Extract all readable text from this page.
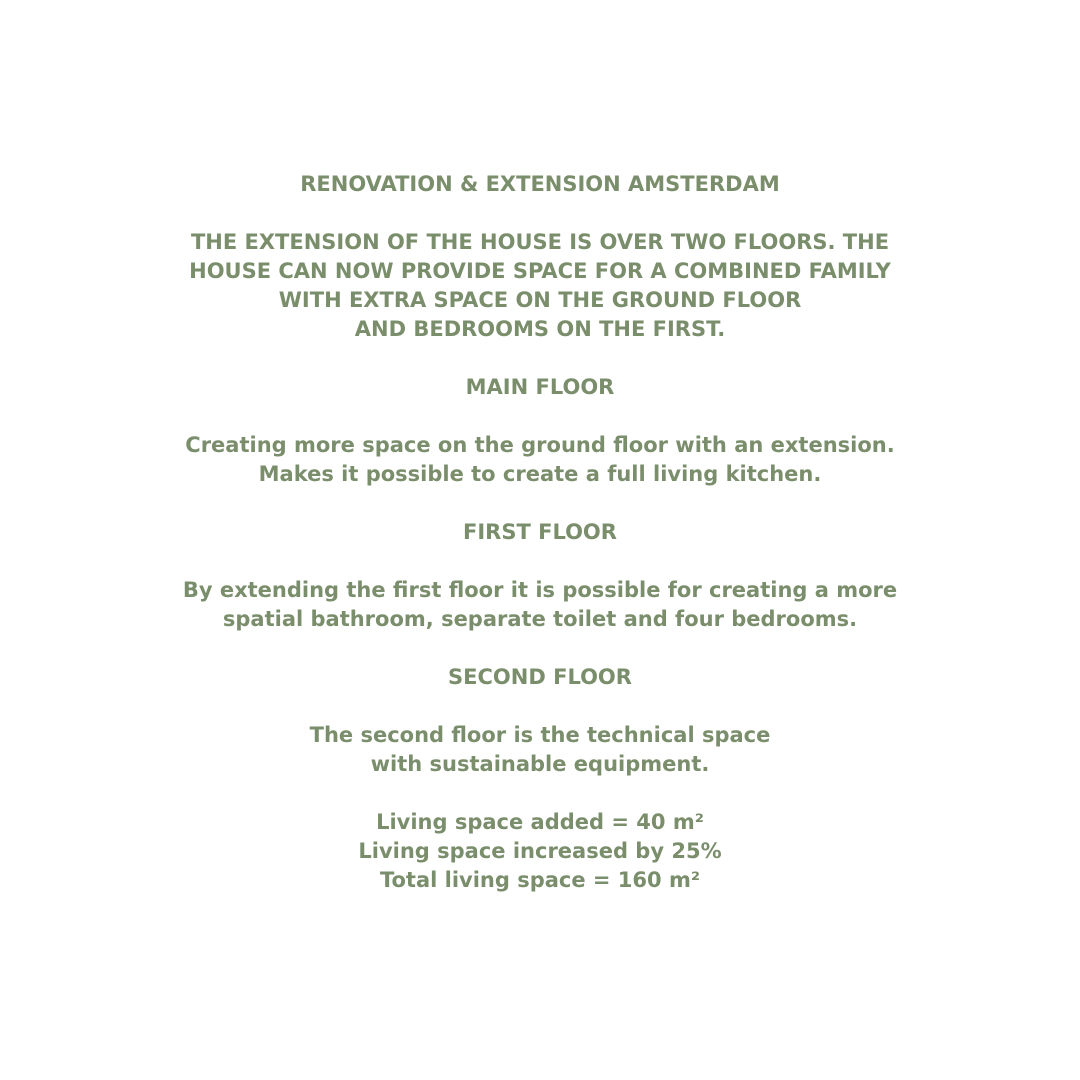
RENOVATION & EXTENSION AMSTERDAM
THE EXTENSION OF THE HOUSE IS OVER TWO FLOORS. THE
HOUSE CAN NOW PROVIDE SPACE FOR A COMBINED FAMILY
WITH EXTRA SPACE ON THE GROUND FLOOR
AND BEDROOMS ON THE FIRST.
MAIN FLOOR
Creating more space on the ground floor with an extension.
Makes it possible to create a full living kitchen.
FIRST FLOOR
By extending the first floor it is possible for creating a more
spatial bathroom, separate toilet and four bedrooms.
SECOND FLOOR
The second floor is the technical space
with sustainable equipment.
Living space added = 40 m²
Living space increased by 25%
Total living space = 160 m²
